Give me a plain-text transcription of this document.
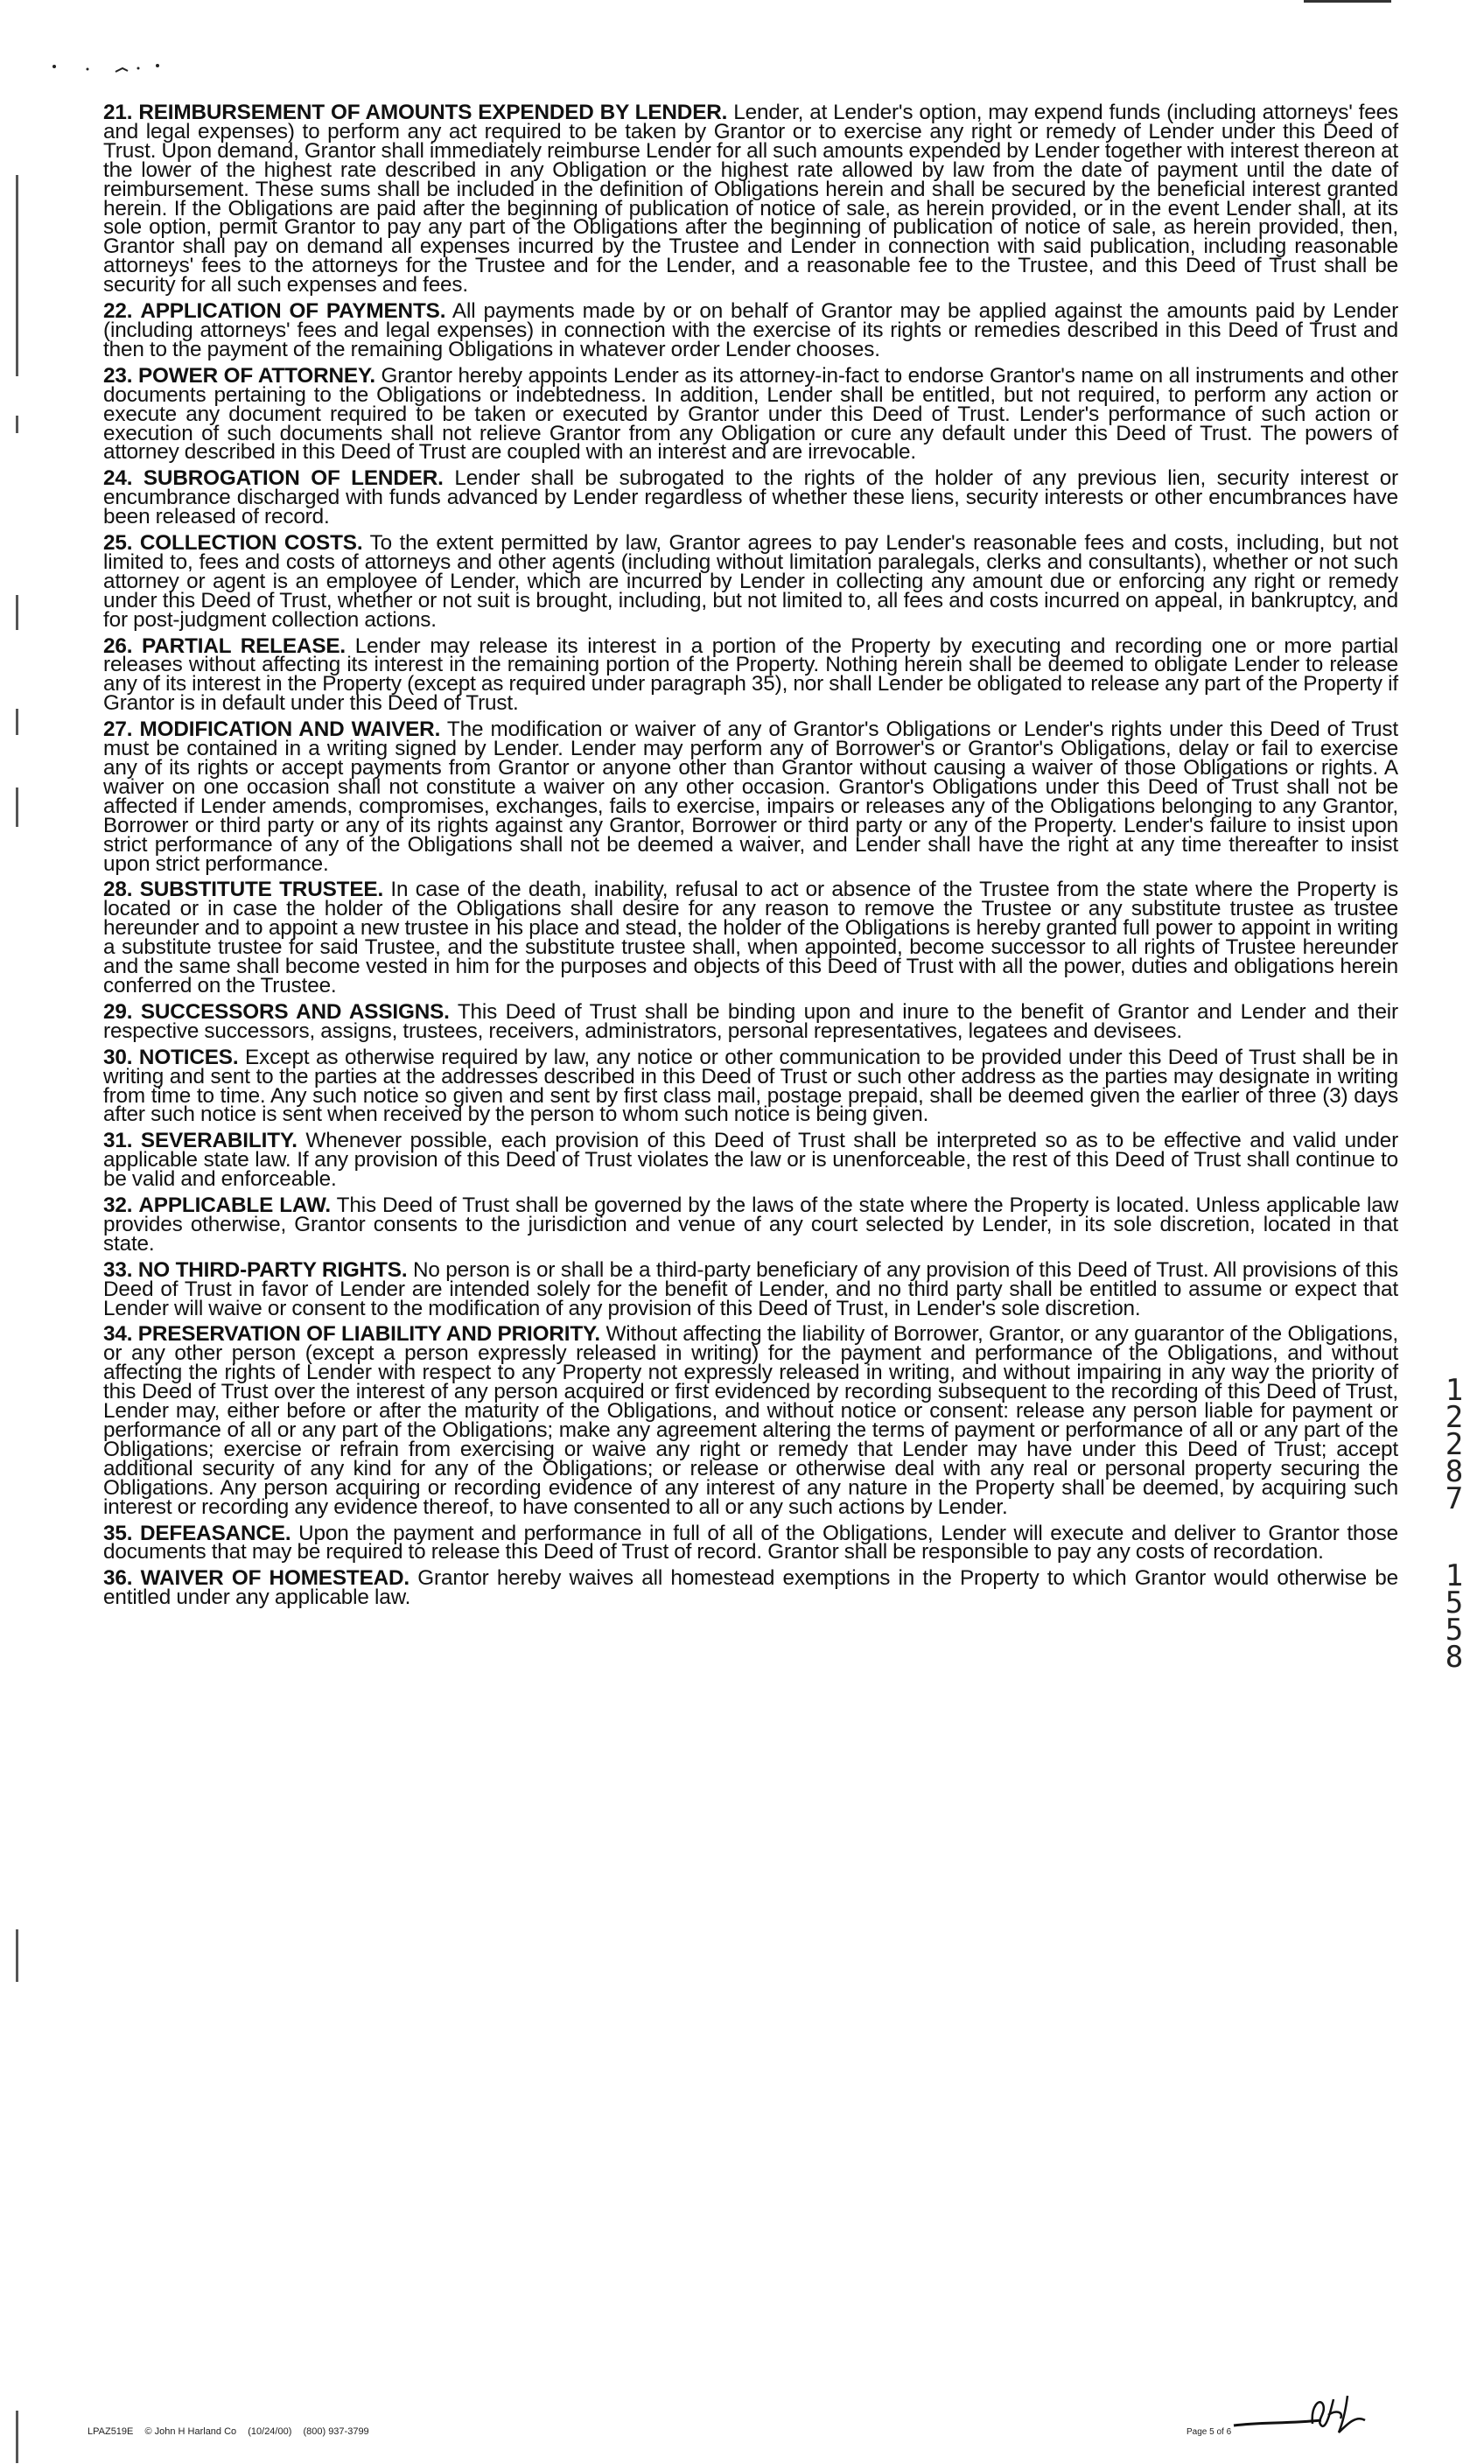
21. REIMBURSEMENT OF AMOUNTS EXPENDED BY LENDER. Lender, at Lender's option, may expend funds (including attorneys' fees and legal expenses) to perform any act required to be taken by Grantor or to exercise any right or remedy of Lender under this Deed of Trust. Upon demand, Grantor shall immediately reimburse Lender for all such amounts expended by Lender together with interest thereon at the lower of the highest rate described in any Obligation or the highest rate allowed by law from the date of payment until the date of reimbursement. These sums shall be included in the definition of Obligations herein and shall be secured by the beneficial interest granted herein. If the Obligations are paid after the beginning of publication of notice of sale, as herein provided, or in the event Lender shall, at its sole option, permit Grantor to pay any part of the Obligations after the beginning of publication of notice of sale, as herein provided, then, Grantor shall pay on demand all expenses incurred by the Trustee and Lender in connection with said publication, including reasonable attorneys' fees to the attorneys for the Trustee and for the Lender, and a reasonable fee to the Trustee, and this Deed of Trust shall be security for all such expenses and fees.

22. APPLICATION OF PAYMENTS. All payments made by or on behalf of Grantor may be applied against the amounts paid by Lender (including attorneys' fees and legal expenses) in connection with the exercise of its rights or remedies described in this Deed of Trust and then to the payment of the remaining Obligations in whatever order Lender chooses.

23. POWER OF ATTORNEY. Grantor hereby appoints Lender as its attorney-in-fact to endorse Grantor's name on all instruments and other documents pertaining to the Obligations or indebtedness. In addition, Lender shall be entitled, but not required, to perform any action or execute any document required to be taken or executed by Grantor under this Deed of Trust. Lender's performance of such action or execution of such documents shall not relieve Grantor from any Obligation or cure any default under this Deed of Trust. The powers of attorney described in this Deed of Trust are coupled with an interest and are irrevocable.

24. SUBROGATION OF LENDER. Lender shall be subrogated to the rights of the holder of any previous lien, security interest or encumbrance discharged with funds advanced by Lender regardless of whether these liens, security interests or other encumbrances have been released of record.

25. COLLECTION COSTS. To the extent permitted by law, Grantor agrees to pay Lender's reasonable fees and costs, including, but not limited to, fees and costs of attorneys and other agents (including without limitation paralegals, clerks and consultants), whether or not such attorney or agent is an employee of Lender, which are incurred by Lender in collecting any amount due or enforcing any right or remedy under this Deed of Trust, whether or not suit is brought, including, but not limited to, all fees and costs incurred on appeal, in bankruptcy, and for post-judgment collection actions.

26. PARTIAL RELEASE. Lender may release its interest in a portion of the Property by executing and recording one or more partial releases without affecting its interest in the remaining portion of the Property. Nothing herein shall be deemed to obligate Lender to release any of its interest in the Property (except as required under paragraph 35), nor shall Lender be obligated to release any part of the Property if Grantor is in default under this Deed of Trust.

27. MODIFICATION AND WAIVER. The modification or waiver of any of Grantor's Obligations or Lender's rights under this Deed of Trust must be contained in a writing signed by Lender. Lender may perform any of Borrower's or Grantor's Obligations, delay or fail to exercise any of its rights or accept payments from Grantor or anyone other than Grantor without causing a waiver of those Obligations or rights. A waiver on one occasion shall not constitute a waiver on any other occasion. Grantor's Obligations under this Deed of Trust shall not be affected if Lender amends, compromises, exchanges, fails to exercise, impairs or releases any of the Obligations belonging to any Grantor, Borrower or third party or any of its rights against any Grantor, Borrower or third party or any of the Property. Lender's failure to insist upon strict performance of any of the Obligations shall not be deemed a waiver, and Lender shall have the right at any time thereafter to insist upon strict performance.

28. SUBSTITUTE TRUSTEE. In case of the death, inability, refusal to act or absence of the Trustee from the state where the Property is located or in case the holder of the Obligations shall desire for any reason to remove the Trustee or any substitute trustee as trustee hereunder and to appoint a new trustee in his place and stead, the holder of the Obligations is hereby granted full power to appoint in writing a substitute trustee for said Trustee, and the substitute trustee shall, when appointed, become successor to all rights of Trustee hereunder and the same shall become vested in him for the purposes and objects of this Deed of Trust with all the power, duties and obligations herein conferred on the Trustee.

29. SUCCESSORS AND ASSIGNS. This Deed of Trust shall be binding upon and inure to the benefit of Grantor and Lender and their respective successors, assigns, trustees, receivers, administrators, personal representatives, legatees and devisees.

30. NOTICES. Except as otherwise required by law, any notice or other communication to be provided under this Deed of Trust shall be in writing and sent to the parties at the addresses described in this Deed of Trust or such other address as the parties may designate in writing from time to time. Any such notice so given and sent by first class mail, postage prepaid, shall be deemed given the earlier of three (3) days after such notice is sent when received by the person to whom such notice is being given.

31. SEVERABILITY. Whenever possible, each provision of this Deed of Trust shall be interpreted so as to be effective and valid under applicable state law. If any provision of this Deed of Trust violates the law or is unenforceable, the rest of this Deed of Trust shall continue to be valid and enforceable.

32. APPLICABLE LAW. This Deed of Trust shall be governed by the laws of the state where the Property is located. Unless applicable law provides otherwise, Grantor consents to the jurisdiction and venue of any court selected by Lender, in its sole discretion, located in that state.

33. NO THIRD-PARTY RIGHTS. No person is or shall be a third-party beneficiary of any provision of this Deed of Trust. All provisions of this Deed of Trust in favor of Lender are intended solely for the benefit of Lender, and no third party shall be entitled to assume or expect that Lender will waive or consent to the modification of any provision of this Deed of Trust, in Lender's sole discretion.

34. PRESERVATION OF LIABILITY AND PRIORITY. Without affecting the liability of Borrower, Grantor, or any guarantor of the Obligations, or any other person (except a person expressly released in writing) for the payment and performance of the Obligations, and without affecting the rights of Lender with respect to any Property not expressly released in writing, and without impairing in any way the priority of this Deed of Trust over the interest of any person acquired or first evidenced by recording subsequent to the recording of this Deed of Trust, Lender may, either before or after the maturity of the Obligations, and without notice or consent: release any person liable for payment or performance of all or any part of the Obligations; make any agreement altering the terms of payment or performance of all or any part of the Obligations; exercise or refrain from exercising or waive any right or remedy that Lender may have under this Deed of Trust; accept additional security of any kind for any of the Obligations; or release or otherwise deal with any real or personal property securing the Obligations. Any person acquiring or recording evidence of any interest of any nature in the Property shall be deemed, by acquiring such interest or recording any evidence thereof, to have consented to all or any such actions by Lender.

35. DEFEASANCE. Upon the payment and performance in full of all of the Obligations, Lender will execute and deliver to Grantor those documents that may be required to release this Deed of Trust of record. Grantor shall be responsible to pay any costs of recordation.

36. WAIVER OF HOMESTEAD. Grantor hereby waives all homestead exemptions in the Property to which Grantor would otherwise be entitled under any applicable law.

1
2
2
8
7
1
5
5
8
LPAZ519E © John H Harland Co (10/24/00) (800) 937-3799	Page 5 of 6
